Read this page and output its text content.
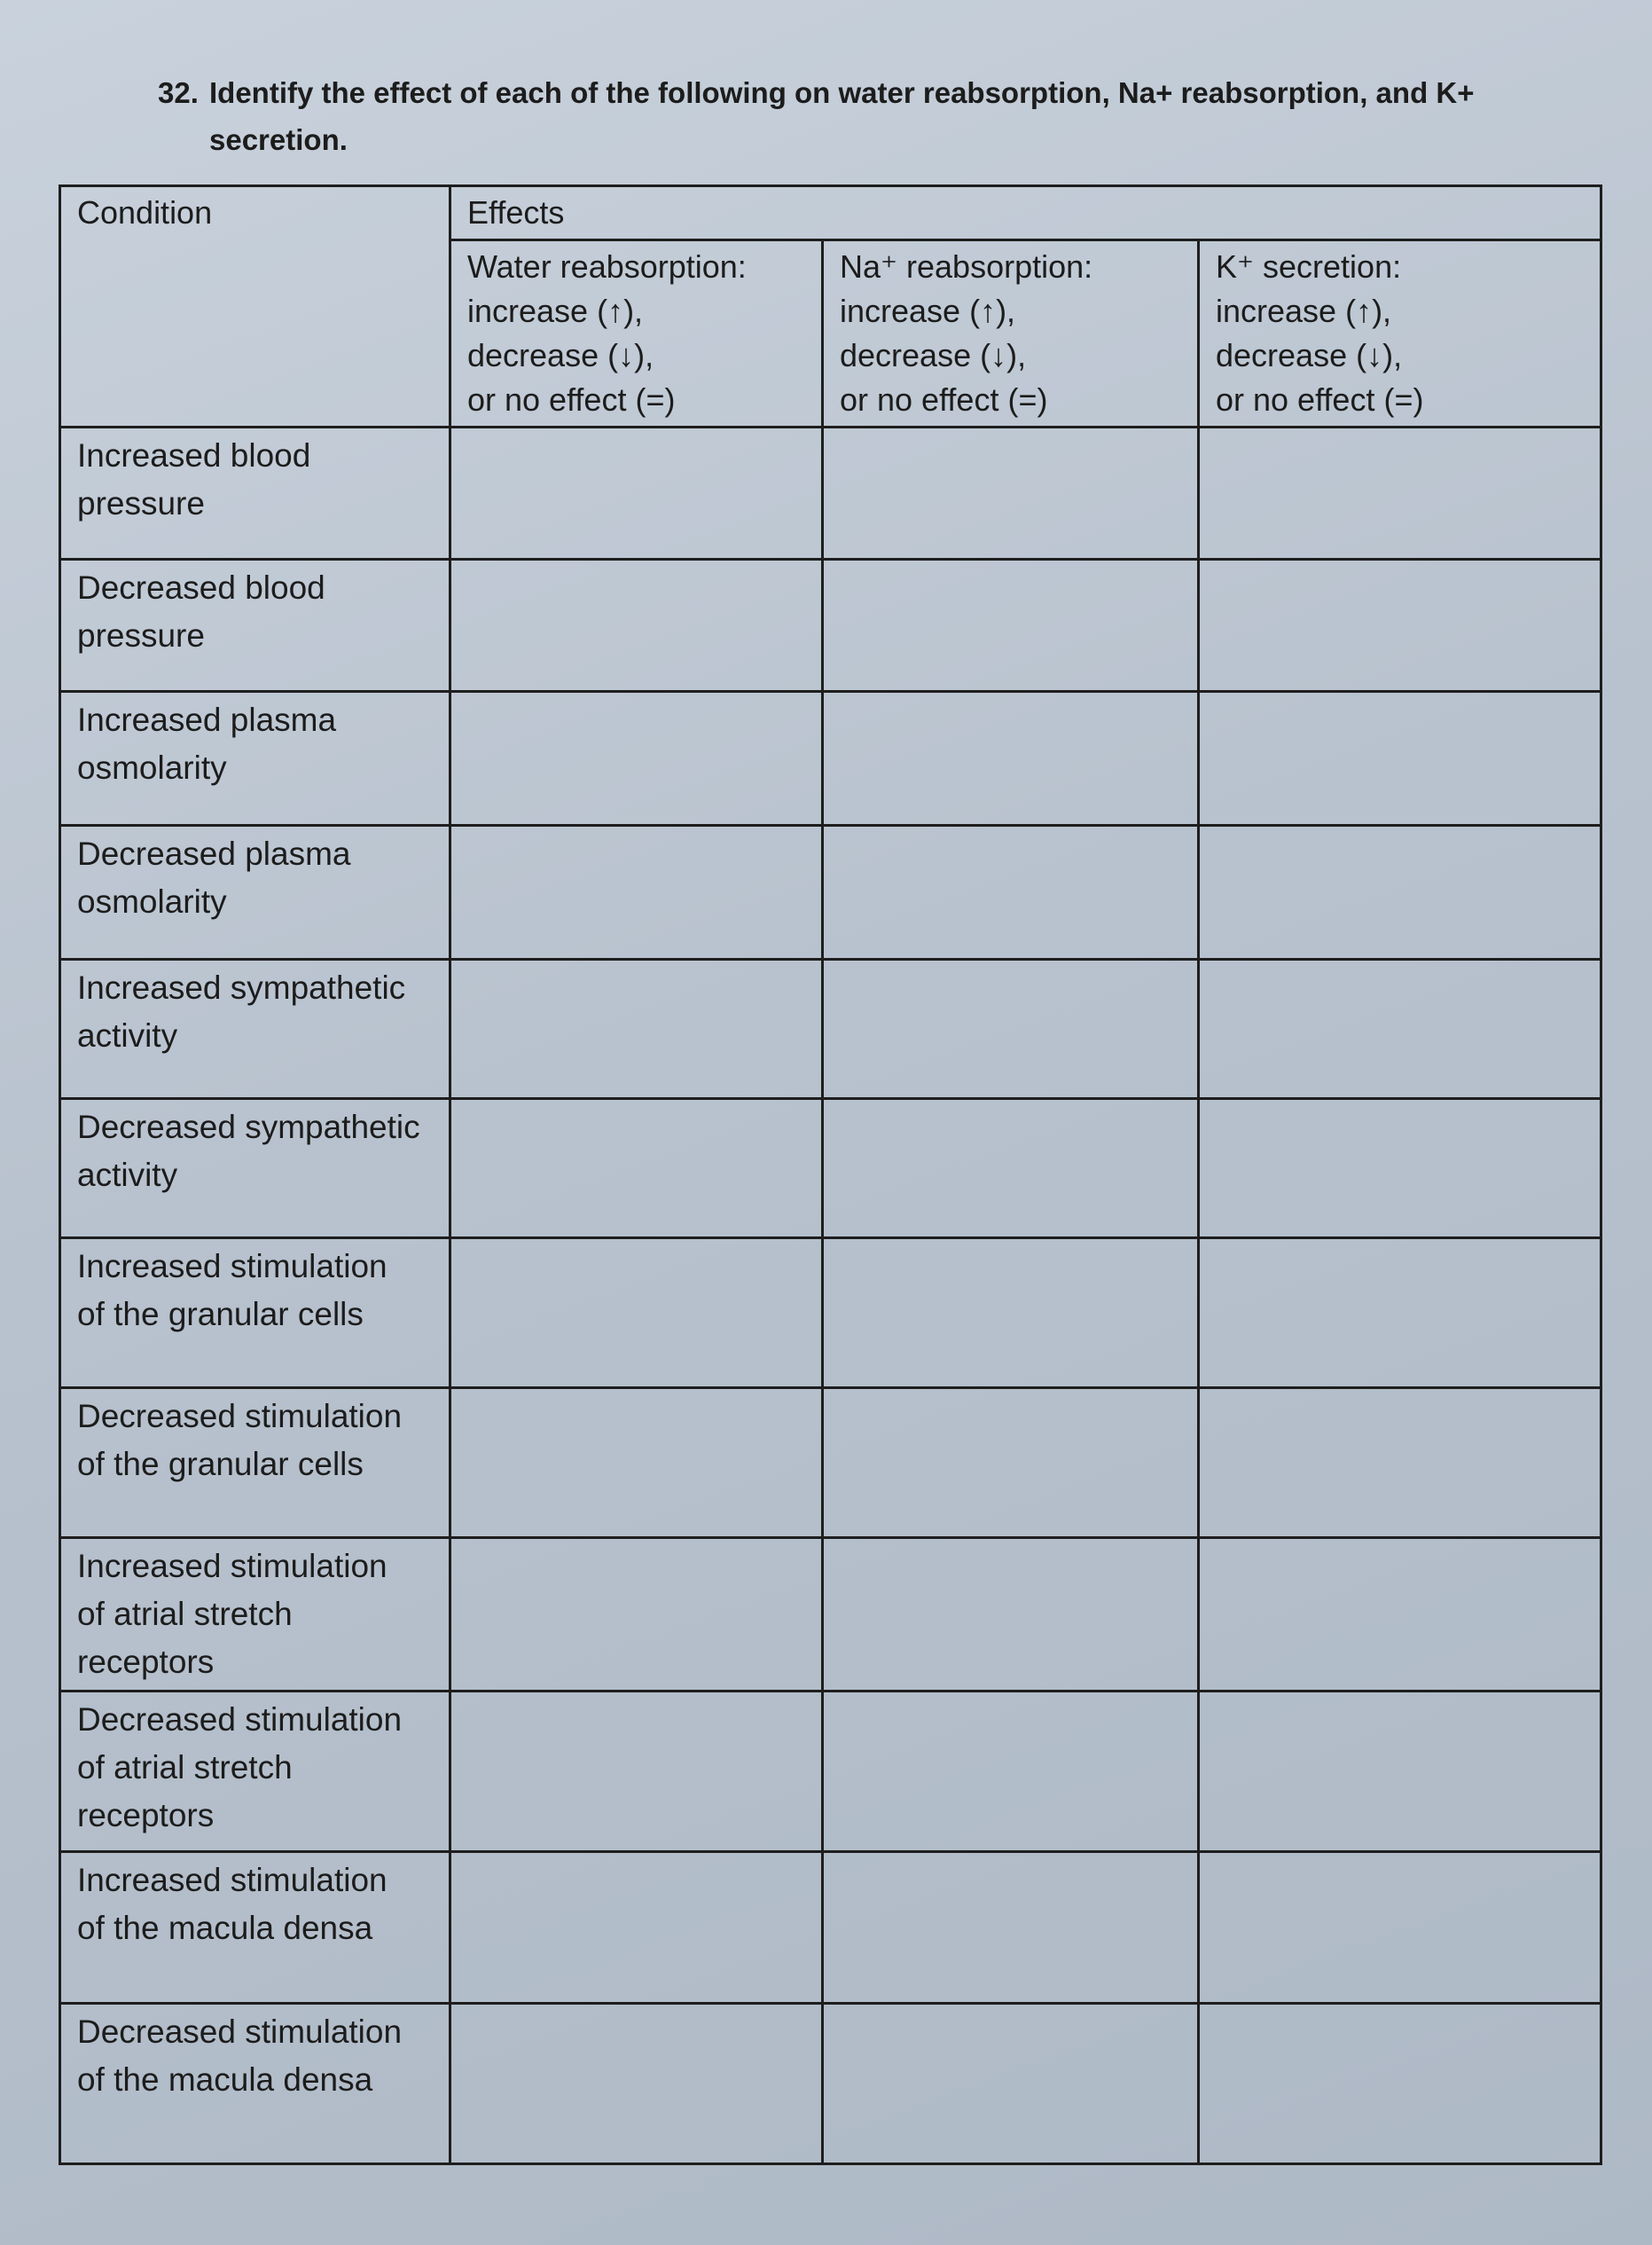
32. Identify the effect of each of the following on water reabsorption, Na+ reabsorption, and K+ secretion.
Condition	Effects		

	Water reabsorption:
increase (↑),
decrease (↓),
or no effect (=)	Na⁺ reabsorption:
increase (↑),
decrease (↓),
or no effect (=)	K⁺ secretion:
increase (↑),
decrease (↓),
or no effect (=)

Increased blood
pressure			

Decreased blood
pressure			

Increased plasma
osmolarity			

Decreased plasma
osmolarity			

Increased sympathetic
activity			

Decreased sympathetic
activity			

Increased stimulation
of the granular cells			

Decreased stimulation
of the granular cells			

Increased stimulation
of atrial stretch
receptors			

Decreased stimulation
of atrial stretch
receptors			

Increased stimulation
of the macula densa			

Decreased stimulation
of the macula densa			
